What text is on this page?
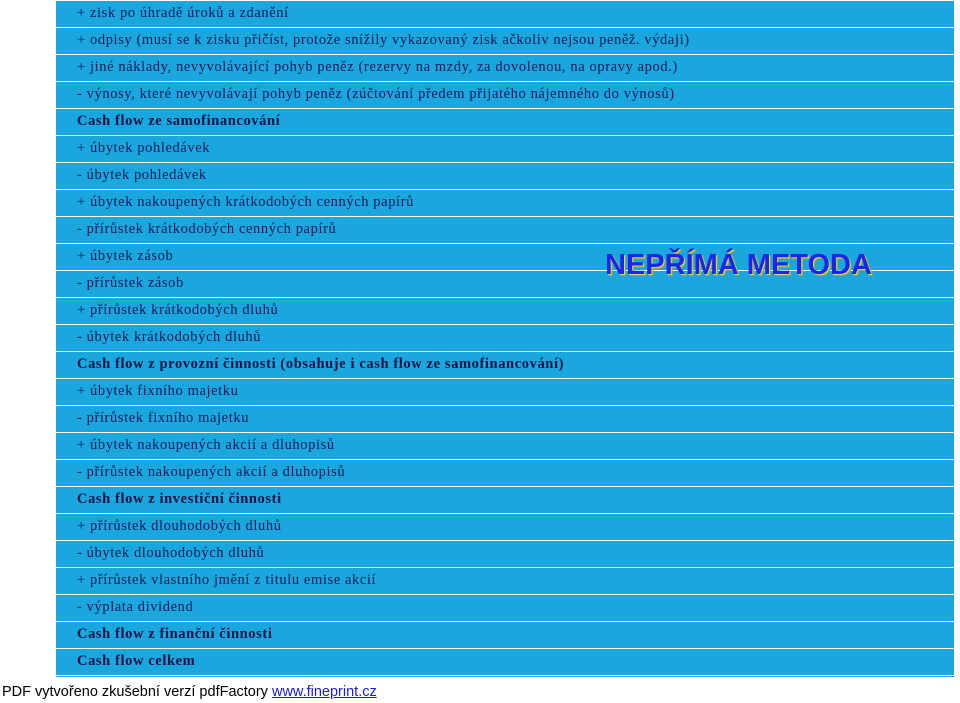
+ zisk po úhradě úroků a zdanění
+ odpisy (musí se k zisku přičíst, protože snížily vykazovaný zisk ačkoliv nejsou peněž. výdaji)
+ jiné náklady, nevyvolávající pohyb peněz (rezervy na mzdy, za dovolenou, na opravy apod.)
- výnosy, které nevyvolávají pohyb peněz (zúčtování předem přijatého nájemného do výnosů)
Cash flow ze samofinancování
+ úbytek pohledávek
- úbytek pohledávek
+ úbytek nakoupených krátkodobých cenných papírů
- přírůstek krátkodobých cenných papírů
+ úbytek zásob
- přírůstek zásob
+ přírůstek krátkodobých dluhů
- úbytek krátkodobých dluhů
Cash flow z provozní činnosti (obsahuje i cash flow ze samofinancování)
+ úbytek fixního majetku
- přírůstek fixního majetku
+ úbytek nakoupených akcií a dluhopisů
- přírůstek nakoupených akcií a dluhopisů
Cash flow z investiční činnosti
+ přírůstek dlouhodobých dluhů
- úbytek dlouhodobých dluhů
+ přírůstek vlastního jmění z titulu emise akcií
- výplata dividend
Cash flow z finanční činnosti
Cash flow celkem
NEPŘÍMÁ METODA
PDF vytvořeno zkušební verzí pdfFactory www.fineprint.cz
